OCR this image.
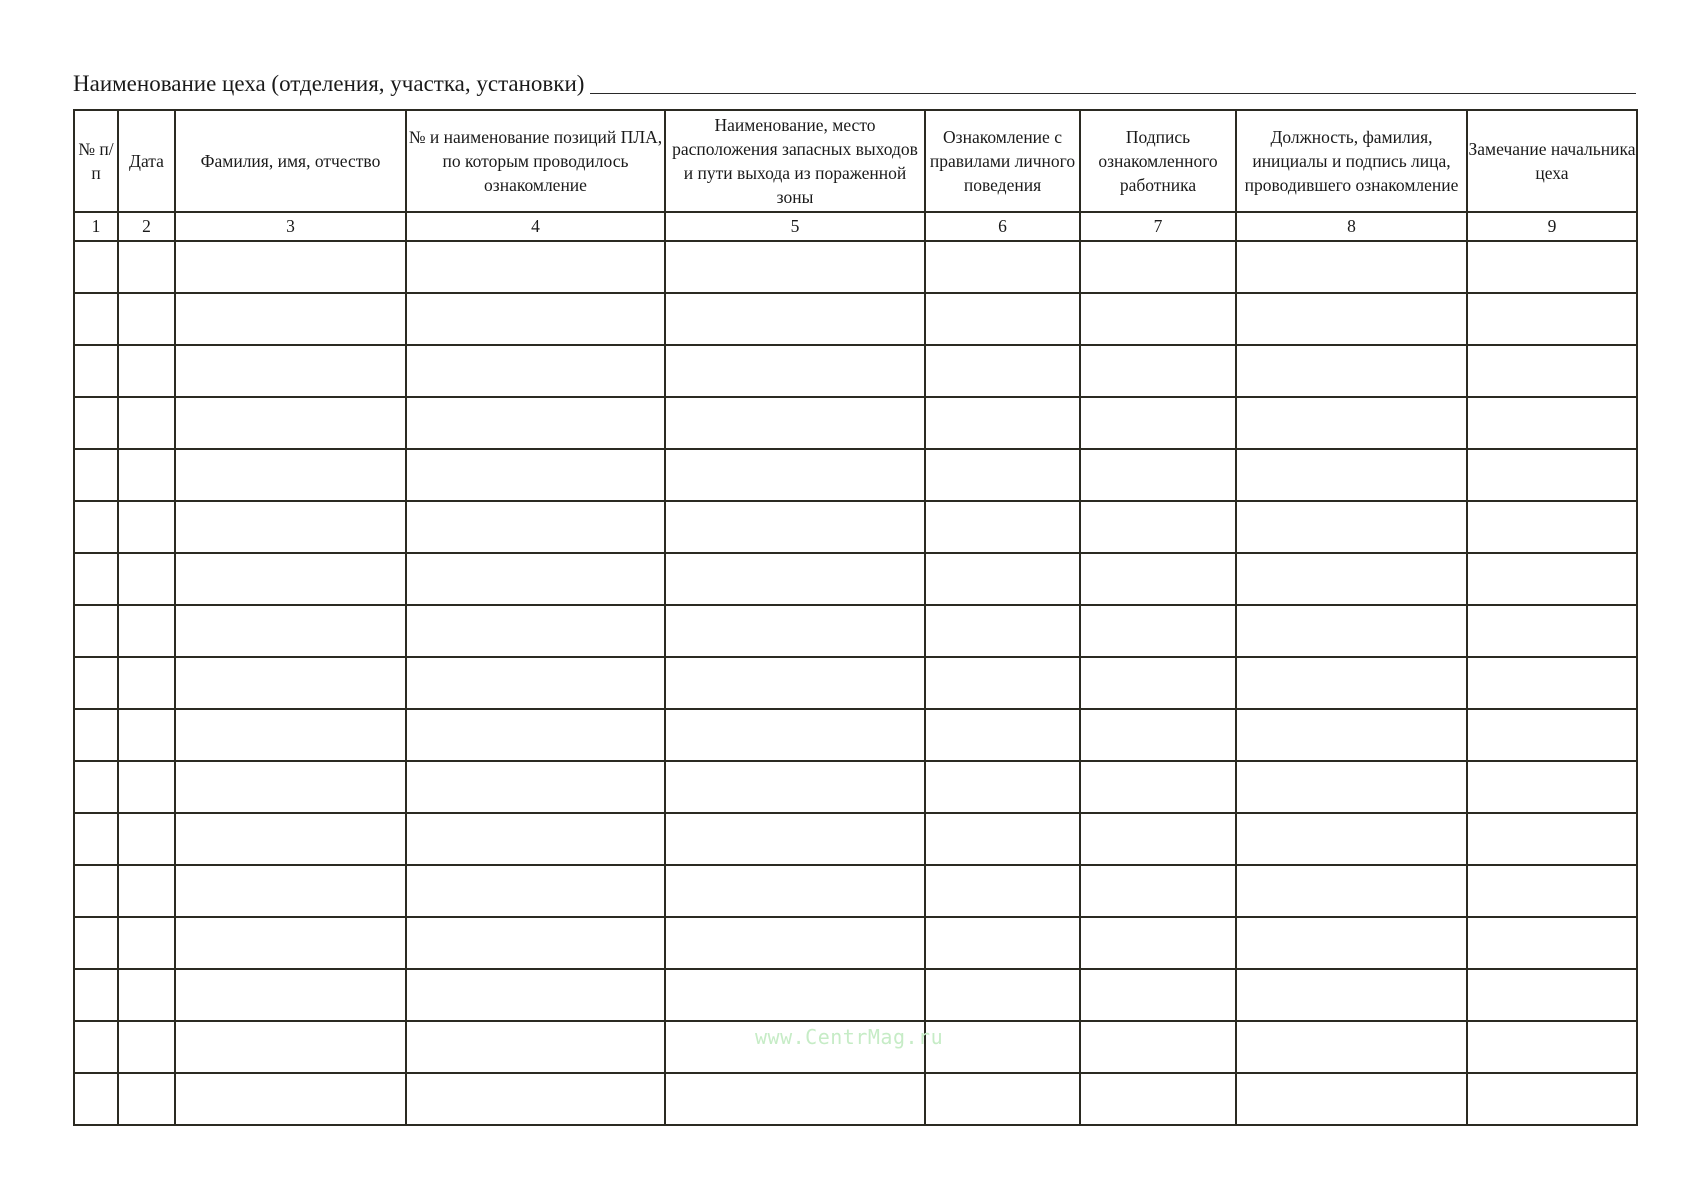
Наименование цеха (отделения, участка, установки)
№ п/п	Дата	Фамилия, имя, отчество	№ и наименование позиций ПЛА, по которым проводилось ознакомление	Наименование, место расположения запасных выходов и пути выхода из пораженной зоны	Ознакомление с правилами личного поведения	Подпись ознакомленного работника	Должность, фамилия, инициалы и подпись лица, проводившего ознакомление	Замечание начальника цеха
1	2	3	4	5	6	7	8	9

www.CentrMag.ru
